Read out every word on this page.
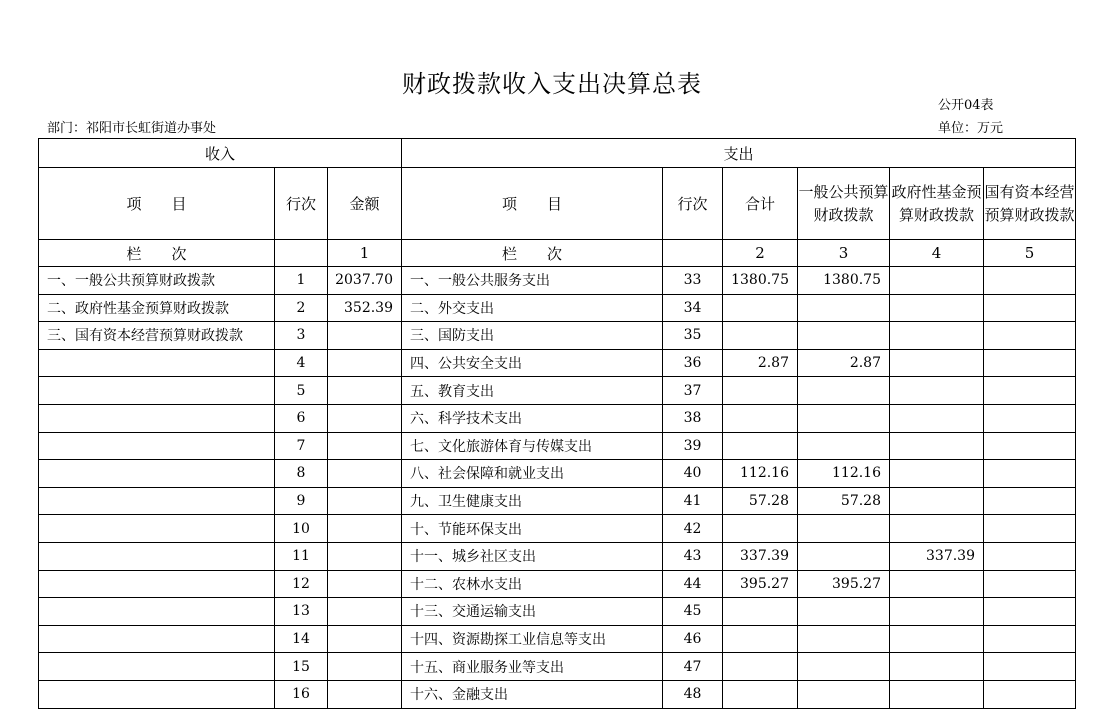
财政拨款收入支出决算总表
公开04表
部门：祁阳市长虹街道办事处	单位：万元
收入			支出					
项　　目	行次	金额	项　　目	行次	合计	一般公共预算财政拨款	政府性基金预算财政拨款	国有资本经营预算财政拨款
栏　　次		1	栏　　次		2	3	4	5
一、一般公共预算财政拨款	1	2037.70	一、一般公共服务支出	33	1380.75	1380.75		
二、政府性基金预算财政拨款	2	352.39	二、外交支出	34				
三、国有资本经营预算财政拨款	3		三、国防支出	35				
	4		四、公共安全支出	36	2.87	2.87		
	5		五、教育支出	37				
	6		六、科学技术支出	38				
	7		七、文化旅游体育与传媒支出	39				
	8		八、社会保障和就业支出	40	112.16	112.16		
	9		九、卫生健康支出	41	57.28	57.28		
	10		十、节能环保支出	42				
	11		十一、城乡社区支出	43	337.39		337.39	
	12		十二、农林水支出	44	395.27	395.27		
	13		十三、交通运输支出	45				
	14		十四、资源勘探工业信息等支出	46				
	15		十五、商业服务业等支出	47				
	16		十六、金融支出	48				
